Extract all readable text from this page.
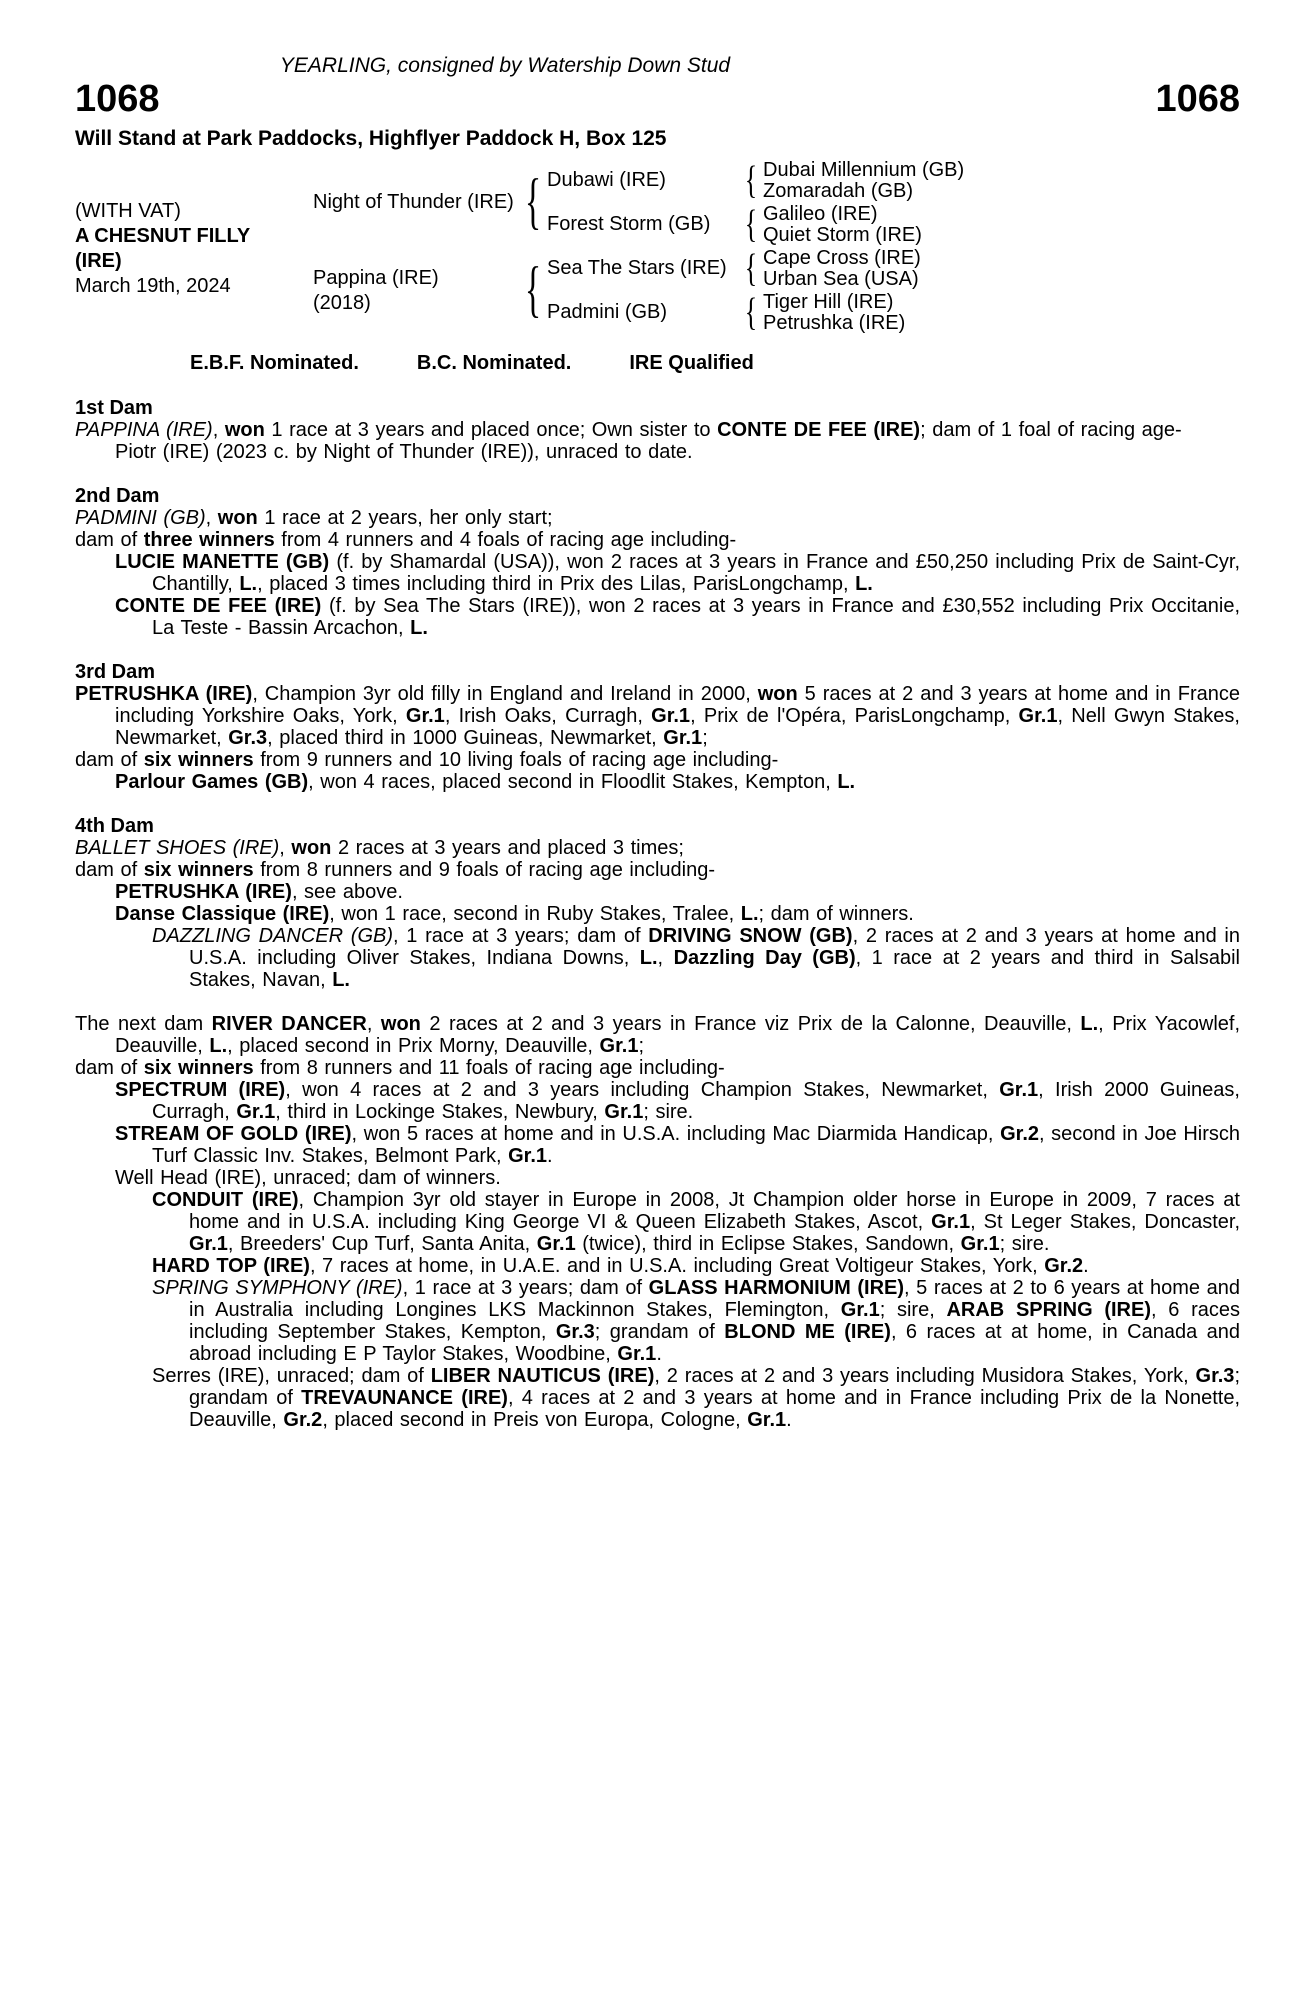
YEARLING, consigned by Watership Down Stud
1068	1068
Will Stand at Park Paddocks, Highflyer Paddock H, Box 125
(WITH VAT)
A CHESNUT FILLY
(IRE)
March 19th, 2024
Night of Thunder (IRE)
{
Dubawi (IRE) {	Dubai Millennium (GB)
Zomaradah (GB)
Forest Storm (GB) {	Galileo (IRE)
Quiet Storm (IRE)
Pappina (IRE)
(2018)
{
Sea The Stars (IRE) {	Cape Cross (IRE)
Urban Sea (USA)
Padmini (GB) {	Tiger Hill (IRE)
Petrushka (IRE)
E.B.F. Nominated.	B.C. Nominated.	IRE Qualified
1st Dam

PAPPINA (IRE), won 1 race at 3 years and placed once; Own sister to CONTE DE FEE (IRE); dam of 1 foal of racing age-

Piotr (IRE) (2023 c. by Night of Thunder (IRE)), unraced to date.

2nd Dam

PADMINI (GB), won 1 race at 2 years, her only start;

dam of three winners from 4 runners and 4 foals of racing age including-

LUCIE MANETTE (GB) (f. by Shamardal (USA)), won 2 races at 3 years in France and £50,250 including Prix de Saint-Cyr, Chantilly, L., placed 3 times including third in Prix des Lilas, ParisLongchamp, L.

CONTE DE FEE (IRE) (f. by Sea The Stars (IRE)), won 2 races at 3 years in France and £30,552 including Prix Occitanie, La Teste - Bassin Arcachon, L.

3rd Dam

PETRUSHKA (IRE), Champion 3yr old filly in England and Ireland in 2000, won 5 races at 2 and 3 years at home and in France including Yorkshire Oaks, York, Gr.1, Irish Oaks, Curragh, Gr.1, Prix de l'Opéra, ParisLongchamp, Gr.1, Nell Gwyn Stakes, Newmarket, Gr.3, placed third in 1000 Guineas, Newmarket, Gr.1;

dam of six winners from 9 runners and 10 living foals of racing age including-

Parlour Games (GB), won 4 races, placed second in Floodlit Stakes, Kempton, L.

4th Dam

BALLET SHOES (IRE), won 2 races at 3 years and placed 3 times;

dam of six winners from 8 runners and 9 foals of racing age including-

PETRUSHKA (IRE), see above.

Danse Classique (IRE), won 1 race, second in Ruby Stakes, Tralee, L.; dam of winners.

DAZZLING DANCER (GB), 1 race at 3 years; dam of DRIVING SNOW (GB), 2 races at 2 and 3 years at home and in U.S.A. including Oliver Stakes, Indiana Downs, L., Dazzling Day (GB), 1 race at 2 years and third in Salsabil Stakes, Navan, L.

The next dam RIVER DANCER, won 2 races at 2 and 3 years in France viz Prix de la Calonne, Deauville, L., Prix Yacowlef, Deauville, L., placed second in Prix Morny, Deauville, Gr.1;

dam of six winners from 8 runners and 11 foals of racing age including-

SPECTRUM (IRE), won 4 races at 2 and 3 years including Champion Stakes, Newmarket, Gr.1, Irish 2000 Guineas, Curragh, Gr.1, third in Lockinge Stakes, Newbury, Gr.1; sire.

STREAM OF GOLD (IRE), won 5 races at home and in U.S.A. including Mac Diarmida Handicap, Gr.2, second in Joe Hirsch Turf Classic Inv. Stakes, Belmont Park, Gr.1.

Well Head (IRE), unraced; dam of winners.

CONDUIT (IRE), Champion 3yr old stayer in Europe in 2008, Jt Champion older horse in Europe in 2009, 7 races at home and in U.S.A. including King George VI & Queen Elizabeth Stakes, Ascot, Gr.1, St Leger Stakes, Doncaster, Gr.1, Breeders' Cup Turf, Santa Anita, Gr.1 (twice), third in Eclipse Stakes, Sandown, Gr.1; sire.

HARD TOP (IRE), 7 races at home, in U.A.E. and in U.S.A. including Great Voltigeur Stakes, York, Gr.2.

SPRING SYMPHONY (IRE), 1 race at 3 years; dam of GLASS HARMONIUM (IRE), 5 races at 2 to 6 years at home and in Australia including Longines LKS Mackinnon Stakes, Flemington, Gr.1; sire, ARAB SPRING (IRE), 6 races including September Stakes, Kempton, Gr.3; grandam of BLOND ME (IRE), 6 races at at home, in Canada and abroad including E P Taylor Stakes, Woodbine, Gr.1.

Serres (IRE), unraced; dam of LIBER NAUTICUS (IRE), 2 races at 2 and 3 years including Musidora Stakes, York, Gr.3; grandam of TREVAUNANCE (IRE), 4 races at 2 and 3 years at home and in France including Prix de la Nonette, Deauville, Gr.2, placed second in Preis von Europa, Cologne, Gr.1.
